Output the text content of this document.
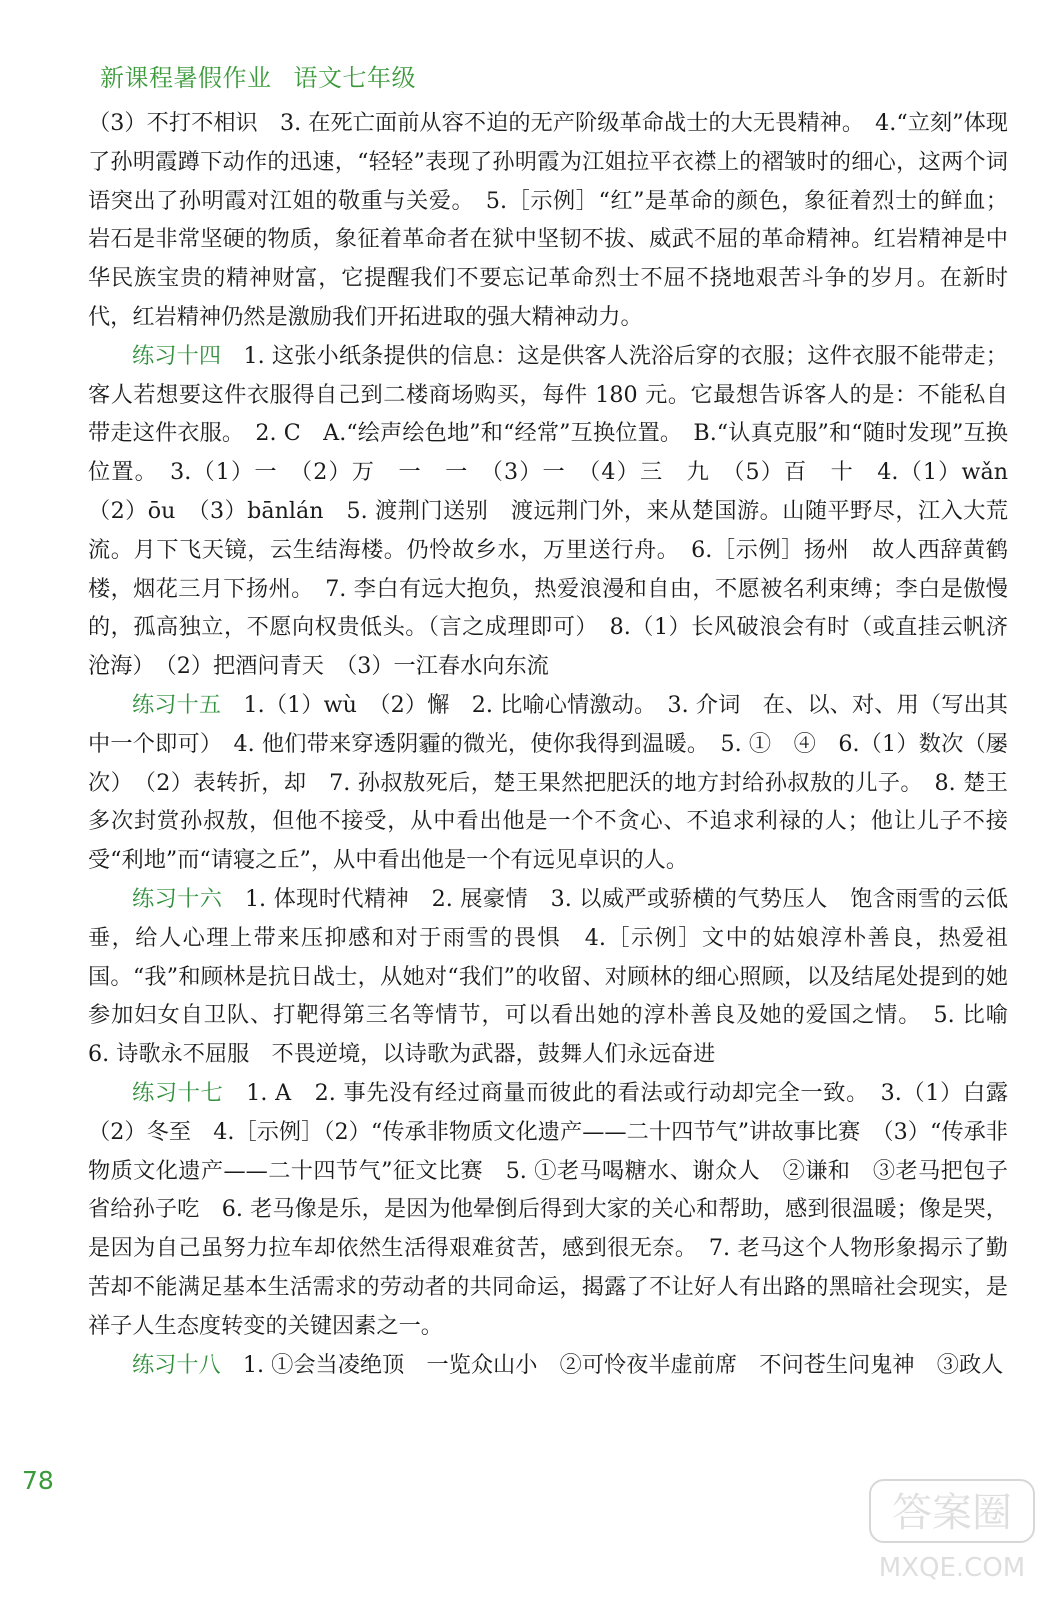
新课程暑假作业 语文七年级

（3）不打不相识　3. 在死亡面前从容不迫的无产阶级革命战士的大无畏精神。　4.“立刻”体现了孙明霞蹲下动作的迅速，“轻轻”表现了孙明霞为江姐拉平衣襟上的褶皱时的细心，这两个词语突出了孙明霞对江姐的敬重与关爱。　5.［示例］“红”是革命的颜色，象征着烈士的鲜血；岩石是非常坚硬的物质，象征着革命者在狱中坚韧不拔、威武不屈的革命精神。红岩精神是中华民族宝贵的精神财富，它提醒我们不要忘记革命烈士不屈不挠地艰苦斗争的岁月。在新时代，红岩精神仍然是激励我们开拓进取的强大精神动力。

练习十四　1. 这张小纸条提供的信息：这是供客人洗浴后穿的衣服；这件衣服不能带走；客人若想要这件衣服得自己到二楼商场购买，每件 180 元。它最想告诉客人的是：不能私自带走这件衣服。　2. C　A.“绘声绘色地”和“经常”互换位置。　B.“认真克服”和“随时发现”互换位置。　3.（1）一　（2）万　一　一　（3）一　（4）三　九　（5）百　十　4.（1）wǎn　（2）ōu　（3）bānlán　5. 渡荆门送别　渡远荆门外，来从楚国游。山随平野尽，江入大荒流。月下飞天镜，云生结海楼。仍怜故乡水，万里送行舟。　6.［示例］扬州　故人西辞黄鹤楼，烟花三月下扬州。　7. 李白有远大抱负，热爱浪漫和自由，不愿被名利束缚；李白是傲慢的，孤高独立，不愿向权贵低头。（言之成理即可）　8.（1）长风破浪会有时（或直挂云帆济沧海）　（2）把酒问青天　（3）一江春水向东流

练习十五　1.（1）wù　（2）懈　2. 比喻心情激动。　3. 介词　在、以、对、用（写出其中一个即可）　4. 他们带来穿透阴霾的微光，使你我得到温暖。　5. ①　④　6.（1）数次（屡次）　（2）表转折，却　7. 孙叔敖死后，楚王果然把肥沃的地方封给孙叔敖的儿子。　8. 楚王多次封赏孙叔敖，但他不接受，从中看出他是一个不贪心、不追求利禄的人；他让儿子不接受“利地”而“请寝之丘”，从中看出他是一个有远见卓识的人。

练习十六　1. 体现时代精神　2. 展豪情　3. 以威严或骄横的气势压人　饱含雨雪的云低垂，给人心理上带来压抑感和对于雨雪的畏惧　4.［示例］文中的姑娘淳朴善良，热爱祖国。“我”和顾林是抗日战士，从她对“我们”的收留、对顾林的细心照顾，以及结尾处提到的她参加妇女自卫队、打靶得第三名等情节，可以看出她的淳朴善良及她的爱国之情。　5. 比喻　6. 诗歌永不屈服　不畏逆境，以诗歌为武器，鼓舞人们永远奋进

练习十七　1. A　2. 事先没有经过商量而彼此的看法或行动却完全一致。　3.（1）白露　（2）冬至　4.［示例］（2）“传承非物质文化遗产——二十四节气”讲故事比赛　（3）“传承非物质文化遗产——二十四节气”征文比赛　5. ①老马喝糖水、谢众人　②谦和　③老马把包子省给孙子吃　6. 老马像是乐，是因为他晕倒后得到大家的关心和帮助，感到很温暖；像是哭，是因为自己虽努力拉车却依然生活得艰难贫苦，感到很无奈。　7. 老马这个人物形象揭示了勤苦却不能满足基本生活需求的劳动者的共同命运，揭露了不让好人有出路的黑暗社会现实，是祥子人生态度转变的关键因素之一。

练习十八　1. ①会当凌绝顶　一览众山小　②可怜夜半虚前席　不问苍生问鬼神　③政人

78
答案圈
MXQE.COM
